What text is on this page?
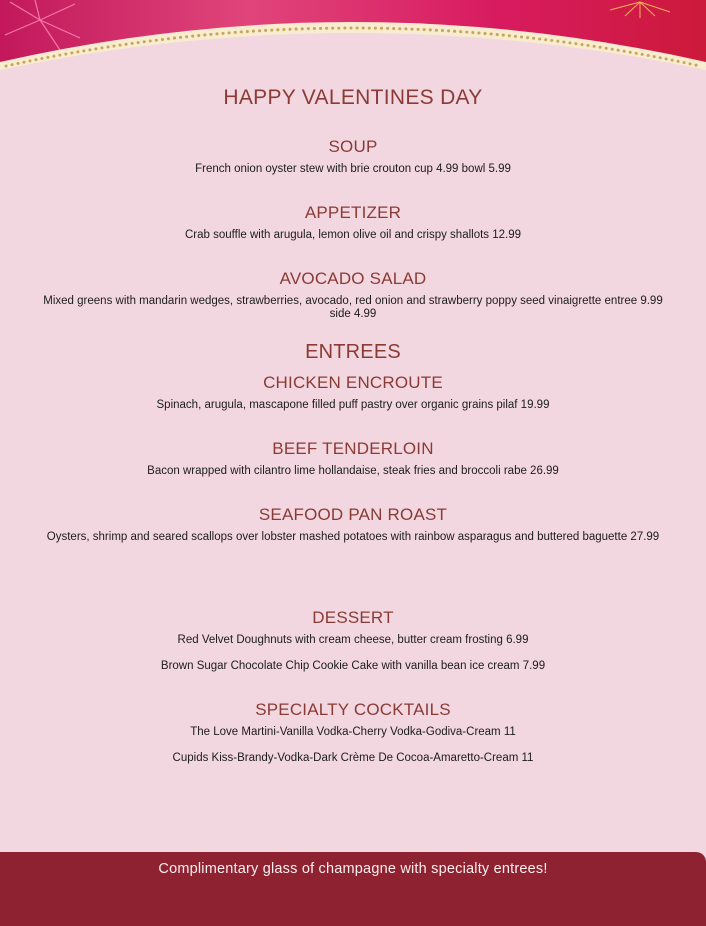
HAPPY VALENTINES DAY
SOUP
French onion oyster stew with brie crouton cup 4.99 bowl 5.99
APPETIZER
Crab souffle with arugula, lemon olive oil and crispy shallots 12.99
AVOCADO SALAD
Mixed greens with mandarin wedges, strawberries, avocado, red onion and strawberry poppy seed vinaigrette entree 9.99
side 4.99
ENTREES
CHICKEN ENCROUTE
Spinach, arugula, mascapone filled puff pastry over organic grains pilaf 19.99
BEEF TENDERLOIN
Bacon wrapped with cilantro lime hollandaise, steak fries and broccoli rabe 26.99
SEAFOOD PAN ROAST
Oysters, shrimp and seared scallops over lobster mashed potatoes with rainbow asparagus and buttered baguette 27.99
DESSERT
Red Velvet Doughnuts with cream cheese, butter cream frosting 6.99
Brown Sugar Chocolate Chip Cookie Cake with vanilla bean ice cream 7.99
SPECIALTY COCKTAILS
The Love Martini-Vanilla Vodka-Cherry Vodka-Godiva-Cream 11
Cupids Kiss-Brandy-Vodka-Dark Crème De Cocoa-Amaretto-Cream 11
Complimentary glass of champagne with specialty entrees!
